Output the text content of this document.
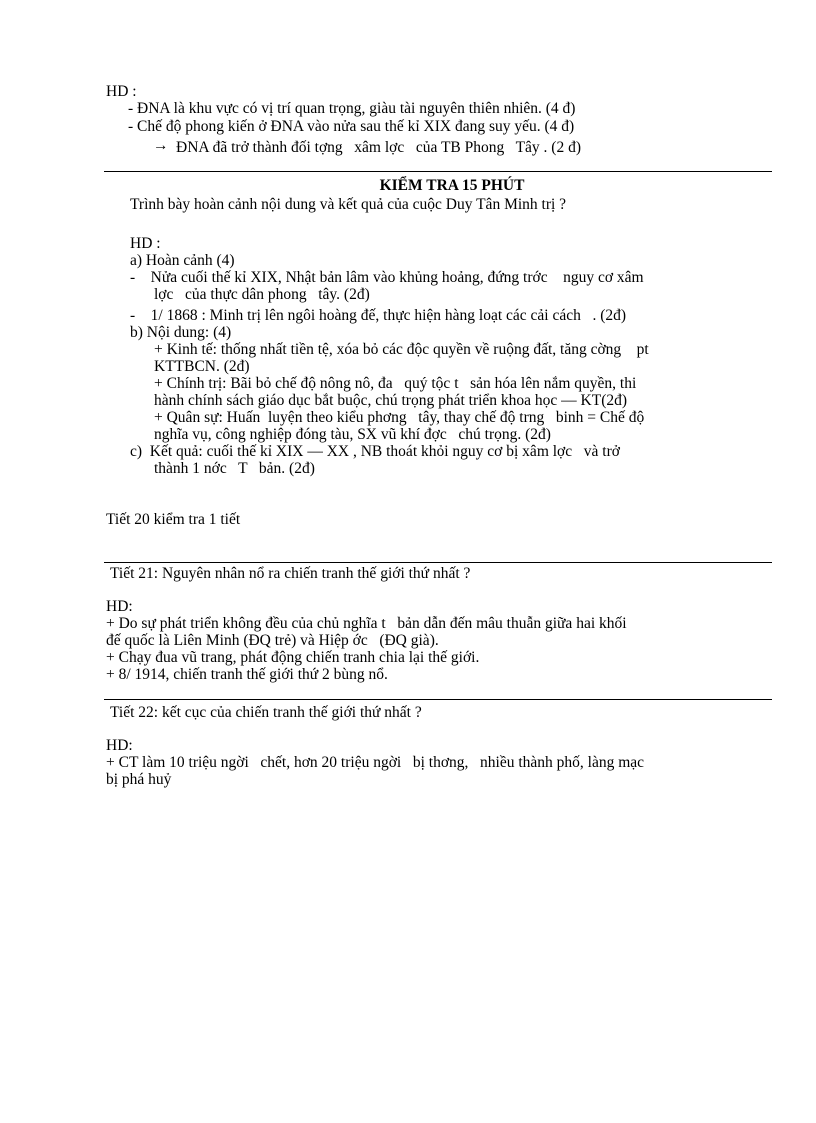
HD :
- ĐNA là khu vực có vị trí quan trọng, giàu tài nguyên thiên nhiên. (4 đ)
- Chế độ phong kiến ở ĐNA vào nửa sau thế kỉ XIX đang suy yếu. (4 đ)
→ ĐNA đã trở thành đối tợng   xâm lợc   của TB Phong   Tây . (2 đ)
KIỂM TRA 15 PHÚT
Trình bày hoàn cảnh nội dung và kết quả của cuộc Duy Tân Minh trị ?
HD :
a) Hoàn cảnh (4)
-    Nửa cuối thế kỉ XIX, Nhật bản lâm vào khủng hoảng, đứng trớc    nguy cơ xâm
lợc   của thực dân phong   tây. (2đ)
-    1/ 1868 : Minh trị lên ngôi hoàng đế, thực hiện hàng loạt các cải cách   . (2đ)
b) Nội dung: (4)
+ Kinh tế: thống nhất tiền tệ, xóa bỏ các độc quyền về ruộng đất, tăng cờng    pt
KTTBCN. (2đ)
+ Chính trị: Bãi bỏ chế độ nông nô, đa   quý tộc t   sản hóa lên nắm quyền, thi
hành chính sách giáo dục bắt buộc, chú trọng phát triển khoa học — KT(2đ)
+ Quân sự: Huấn  luyện theo kiểu phơng   tây, thay chế độ trng   binh = Chế độ
nghĩa vụ, công nghiệp đóng tàu, SX vũ khí đợc   chú trọng. (2đ)
c)  Kết quả: cuối thế kỉ XIX — XX , NB thoát khỏi nguy cơ bị xâm lợc   và trở
thành 1 nớc   T   bản. (2đ)
Tiết 20 kiểm tra 1 tiết
Tiết 21: Nguyên nhân nổ ra chiến tranh thế giới thứ nhất ?
HD:
+ Do sự phát triển không đều của chủ nghĩa t   bản dẫn đến mâu thuẫn giữa hai khối
đế quốc là Liên Minh (ĐQ trẻ) và Hiệp ớc   (ĐQ già).
+ Chạy đua vũ trang, phát động chiến tranh chia lại thế giới.
+ 8/ 1914, chiến tranh thế giới thứ 2 bùng nổ.
Tiết 22: kết cục của chiến tranh thế giới thứ nhất ?
HD:
+ CT làm 10 triệu ngời   chết, hơn 20 triệu ngời   bị thơng,   nhiều thành phố, làng mạc
bị phá huỷ
